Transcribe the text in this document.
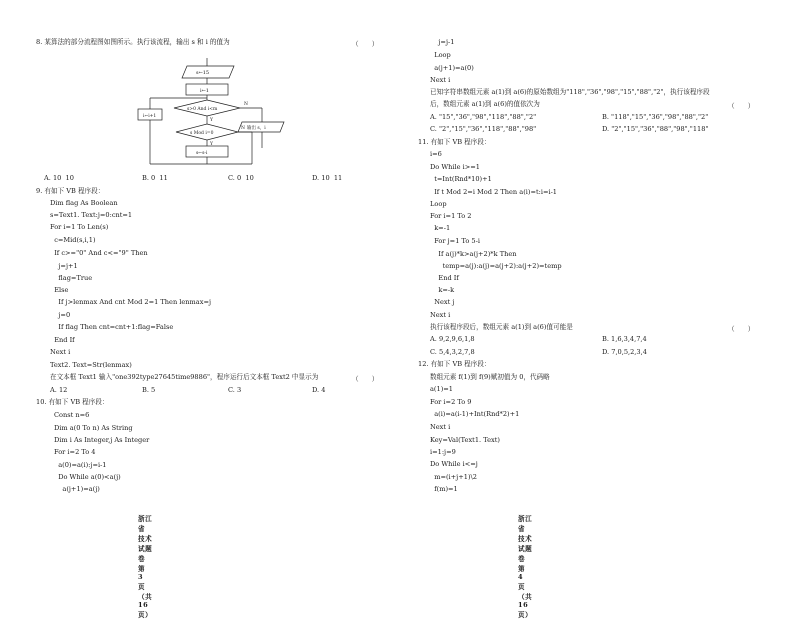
8. 某算法的部分流程图如图所示。执行该流程，输出 s 和 i 的值为	（　　）
s←15
i←1
s>0 And i<m
i←i+1
s Mod i=0
s←s-i
输出 s，i
Y
N
Y
N
A. 10  10	B. 0  11	C. 0  10	D. 10  11
9. 有如下 VB 程序段：
Dim flag As Boolean
s=Text1. Text:j=0:cnt=1
For i=1 To Len(s)
c=Mid(s,i,1)
If c>="0" And c<="9" Then
j=j+1
flag=True
Else
If j>lenmax And cnt Mod 2=1 Then lenmax=j
j=0
If flag Then cnt=cnt+1:flag=False
End If
Next i
Text2. Text=Str(lenmax)
在文本框 Text1 输入"one392type27645time9886"，程序运行后文本框 Text2 中显示为	（　　）
A. 12	B. 5	C. 3	D. 4
10. 有如下 VB 程序段：
Const n=6
Dim a(0 To n) As String
Dim i As Integer,j As Integer
For i=2 To 4
a(0)=a(i):j=i-1
Do While a(0)<a(j)
a(j+1)=a(j)
浙江省　技术试题卷　第 3 页（共 16 页）
j=j-1
Loop
a(j+1)=a(0)
Next i
已知字符串数组元素 a(1)到 a(6)的原始数组为"118","36","98","15","88","2"，执行该程序段
后，数组元素 a(1)到 a(6)的值依次为	（　　）
A. "15","36","98","118","88","2"	B. "118","15","36","98","88","2"
C. "2","15","36","118","88","98"	D. "2","15","36","88","98","118"
11. 有如下 VB 程序段：
i=6
Do While i>=1
t=Int(Rnd*10)+1
If t Mod 2=i Mod 2 Then a(i)=t:i=i-1
Loop
For i=1 To 2
k=-1
For j=1 To 5-i
If a(j)*k>a(j+2)*k Then
temp=a(j):a(j)=a(j+2):a(j+2)=temp
End If
k=-k
Next j
Next i
执行该程序段后，数组元素 a(1)到 a(6)值可能是	（　　）
A. 9,2,9,6,1,8	B. 1,6,3,4,7,4
C. 5,4,3,2,7,8	D. 7,0,5,2,3,4
12. 有如下 VB 程序段：
数组元素 f(1)到 f(9)赋初值为 0，代码略
a(1)=1
For i=2 To 9
a(i)=a(i-1)+Int(Rnd*2)+1
Next i
Key=Val(Text1. Text)
i=1:j=9
Do While i<=j
m=(i+j+1)\2
f(m)=1
浙江省　技术试题卷　第 4 页（共 16 页）
